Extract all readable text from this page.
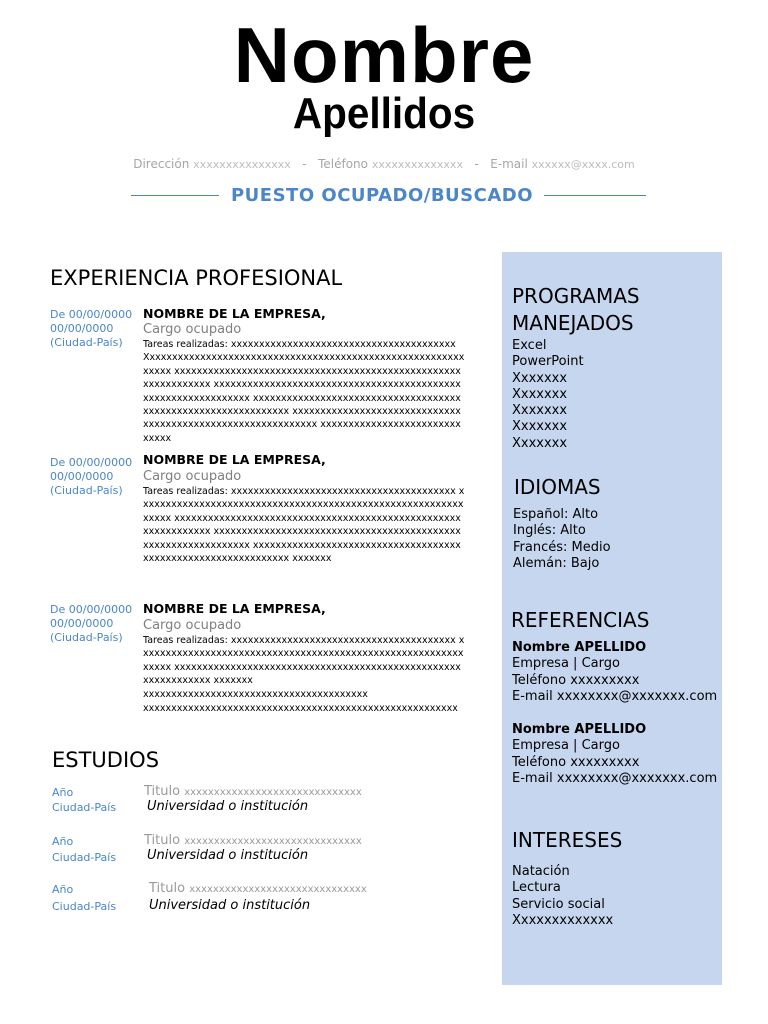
Nombre
Apellidos
Dirección xxxxxxxxxxxxxxx - Teléfono xxxxxxxxxxxxxx - E-mail xxxxxx@xxxx.com
PUESTO OCUPADO/BUSCADO
EXPERIENCIA PROFESIONAL
De 00/00/0000
00/00/0000
(Ciudad-País)
NOMBRE DE LA EMPRESA,
Cargo ocupado
Tareas realizadas: xxxxxxxxxxxxxxxxxxxxxxxxxxxxxxxxxxxxxxxx Xxxxxxxxxxxxxxxxxxxxxxxxxxxxxxxxxxxxxxxxxxxxxxxxxxxxxxxxxxxxxx xxxxxxxxxxxxxxxxxxxxxxxxxxxxxxxxxxxxxxxxxxxxxxxxxxxxxxxxxxxxxxx xxxxxxxxxxxxxxxxxxxxxxxxxxxxxxxxxxxxxxxxxxxxxxxxxxxxxxxxxxxxxxx xxxxxxxxxxxxxxxxxxxxxxxxxxxxxxxxxxxxxxxxxxxxxxxxxxxxxxxxxxxxxxx xxxxxxxxxxxxxxxxxxxxxxxxxxxxxxxxxxxxxxxxxxxxxxxxxxxxxxxxxxxxx xxxxxxxxxxxxxxxxxxxxxxxxxxxxxx
De 00/00/0000
00/00/0000
(Ciudad-País)
NOMBRE DE LA EMPRESA,
Cargo ocupado
Tareas realizadas: xxxxxxxxxxxxxxxxxxxxxxxxxxxxxxxxxxxxxxxx xxxxxxxxxxxxxxxxxxxxxxxxxxxxxxxxxxxxxxxxxxxxxxxxxxxxxxxxxxxxxxx xxxxxxxxxxxxxxxxxxxxxxxxxxxxxxxxxxxxxxxxxxxxxxxxxxxxxxxxxxxxxxx xxxxxxxxxxxxxxxxxxxxxxxxxxxxxxxxxxxxxxxxxxxxxxxxxxxxxxxxxxxxxxx xxxxxxxxxxxxxxxxxxxxxxxxxxxxxxxxxxxxxxxxxxxxxxxxxxxxxxxxxxxxxxx xxxxxxx
De 00/00/0000
00/00/0000
(Ciudad-País)
NOMBRE DE LA EMPRESA,
Cargo ocupado
Tareas realizadas: xxxxxxxxxxxxxxxxxxxxxxxxxxxxxxxxxxxxxxxx xxxxxxxxxxxxxxxxxxxxxxxxxxxxxxxxxxxxxxxxxxxxxxxxxxxxxxxxxxxxxxx xxxxxxxxxxxxxxxxxxxxxxxxxxxxxxxxxxxxxxxxxxxxxxxxxxxxxxxxxxxxxxx xxxxxxx
xxxxxxxxxxxxxxxxxxxxxxxxxxxxxxxxxxxxxxxx
xxxxxxxxxxxxxxxxxxxxxxxxxxxxxxxxxxxxxxxxxxxxxxxxxxxxxxxx
ESTUDIOS
Año
Ciudad-País
Titulo xxxxxxxxxxxxxxxxxxxxxxxxxxxxxx
Universidad o institución
Año
Ciudad-País
Titulo xxxxxxxxxxxxxxxxxxxxxxxxxxxxxx
Universidad o institución
Año
Ciudad-País
Titulo xxxxxxxxxxxxxxxxxxxxxxxxxxxxxx
Universidad o institución
PROGRAMAS
MANEJADOS
Excel
PowerPoint
Xxxxxxx
Xxxxxxx
Xxxxxxx
Xxxxxxx
Xxxxxxx
IDIOMAS
Español: Alto
Inglés: Alto
Francés: Medio
Alemán: Bajo
REFERENCIAS
Nombre APELLIDO
Empresa | Cargo
Teléfono xxxxxxxxx
E-mail xxxxxxxx@xxxxxxx.com
Nombre APELLIDO
Empresa | Cargo
Teléfono xxxxxxxxx
E-mail xxxxxxxx@xxxxxxx.com
INTERESES
Natación
Lectura
Servicio social
Xxxxxxxxxxxxx
